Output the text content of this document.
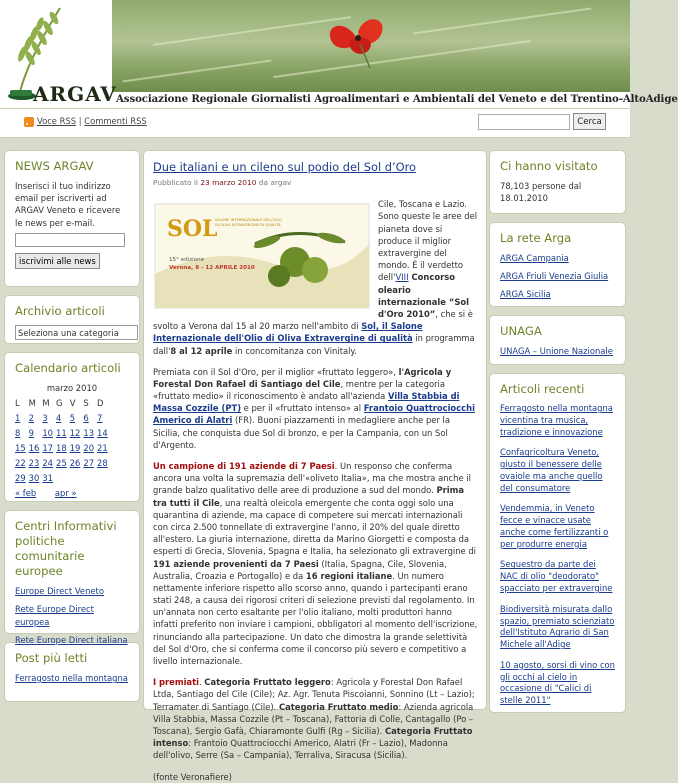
ARGAV Associazione Regionale Giornalisti Agroalimentari e Ambientali del Veneto e del Trentino-AltoAdige
Voce RSS | Commenti RSS	Cerca
NEWS ARGAV
Inserisci il tuo indirizzo email per iscriverti ad ARGAV Veneto e ricevere le news per e-mail.
iscrivimi alle news
Archivio articoli
Seleziona una categoria
Calendario articoli
marzo 2010
L	M	M	G	V	S	D
1	2	3	4	5	6	7
8	9	10	11	12	13	14
15	16	17	18	19	20	21
22	23	24	25	26	27	28
29	30	31				
« feb apr »
Centri Informativi politiche comunitarie europee
Europe Direct Veneto
Rete Europe Direct europea
Rete Europe Direct italiana
Post più letti
Ferragosto nella montagna
Due italiani e un cileno sul podio del Sol d’Oro
Pubblicato il 23 marzo 2010 da argav
SOL
SALONE INTERNAZIONALE DELL'OLIO DI OLIVA EXTRAVERGINE DI QUALITÀ
15° edizione
Verona, 8 - 12 APRILE 2010
Cile, Toscana e Lazio. Sono queste le aree del pianeta dove si produce il miglior extravergine del mondo. È il verdetto dell'VIII Concorso oleario internazionale “Sol d'Oro 2010”, che si è svolto a Verona dal 15 al 20 marzo nell'ambito di Sol, il Salone Internazionale dell'Olio di Oliva Extravergine di qualità in programma dall'8 al 12 aprile in concomitanza con Vinitaly.
Premiata con il Sol d'Oro, per il miglior «fruttato leggero», l'Agricola y Forestal Don Rafael di Santiago del Cile, mentre per la categoria «fruttato medio» il riconoscimento è andato all'azienda Villa Stabbia di Massa Cozzile (PT) e per il «fruttato intenso» al Frantoio Quattrociocchi Americo di Alatri (FR). Buoni piazzamenti in medagliere anche per la Sicilia, che conquista due Sol di bronzo, e per la Campania, con un Sol d'Argento.
Un campione di 191 aziende di 7 Paesi. Un responso che conferma ancora una volta la supremazia dell'«oliveto Italia», ma che mostra anche il grande balzo qualitativo delle aree di produzione a sud del mondo. Prima tra tutti il Cile, una realtà oleicola emergente che conta oggi solo una quarantina di aziende, ma capace di competere sui mercati internazionali con circa 2.500 tonnellate di extravergine l'anno, il 20% del quale diretto all'estero. La giuria internazione, diretta da Marino Giorgetti e composta da esperti di Grecia, Slovenia, Spagna e Italia, ha selezionato gli extravergine di 191 aziende provenienti da 7 Paesi (Italia, Spagna, Cile, Slovenia, Australia, Croazia e Portogallo) e da 16 regioni italiane. Un numero nettamente inferiore rispetto allo scorso anno, quando i partecipanti erano stati 248, a causa dei rigorosi criteri di selezione previsti dal regolamento. In un'annata non certo esaltante per l'olio italiano, molti produttori hanno infatti preferito non inviare i campioni, obbligatori al momento dell'iscrizione, rinunciando alla partecipazione. Un dato che dimostra la grande selettività del Sol d'Oro, che si conferma come il concorso più severo e competitivo a livello internazionale.
I premiati. Categoria Fruttato leggero: Agricola y Forestal Don Rafael Ltda, Santiago del Cile (Cile); Az. Agr. Tenuta Piscoianni, Sonnino (Lt – Lazio); Terramater di Santiago (Cile). Categoria Fruttato medio: Azienda agricola Villa Stabbia, Massa Cozzile (Pt – Toscana), Fattoria di Colle, Cantagallo (Po – Toscana), Sergio Gafà, Chiaramonte Gulfi (Rg – Sicilia). Categoria Fruttato intenso: Frantoio Quattrociocchi Americo, Alatri (Fr – Lazio), Madonna dell'olivo, Serre (Sa – Campania), Terraliva, Siracusa (Sicilia).
(fonte Veronafiere)
Ci hanno visitato
78,103 persone dal 18.01.2010
La rete Arga
ARGA Campania
ARGA Friuli Venezia Giulia
ARGA Sicilia
UNAGA
UNAGA – Unione Nazionale
Articoli recenti
Ferragosto nella montagna vicentina tra musica, tradizione e innovazione
Confagricoltura Veneto, giusto il benessere delle ovaiole ma anche quello del consumatore
Vendemmia, in Veneto fecce e vinacce usate anche come fertilizzanti o per produrre energia
Sequestro da parte dei NAC di olio "deodorato" spacciato per extravergine
Biodiversità misurata dallo spazio, premiato scienziato dell'Istituto Agrario di San Michele all'Adige
10 agosto, sorsi di vino con gli occhi al cielo in occasione di "Calici di stelle 2011"
